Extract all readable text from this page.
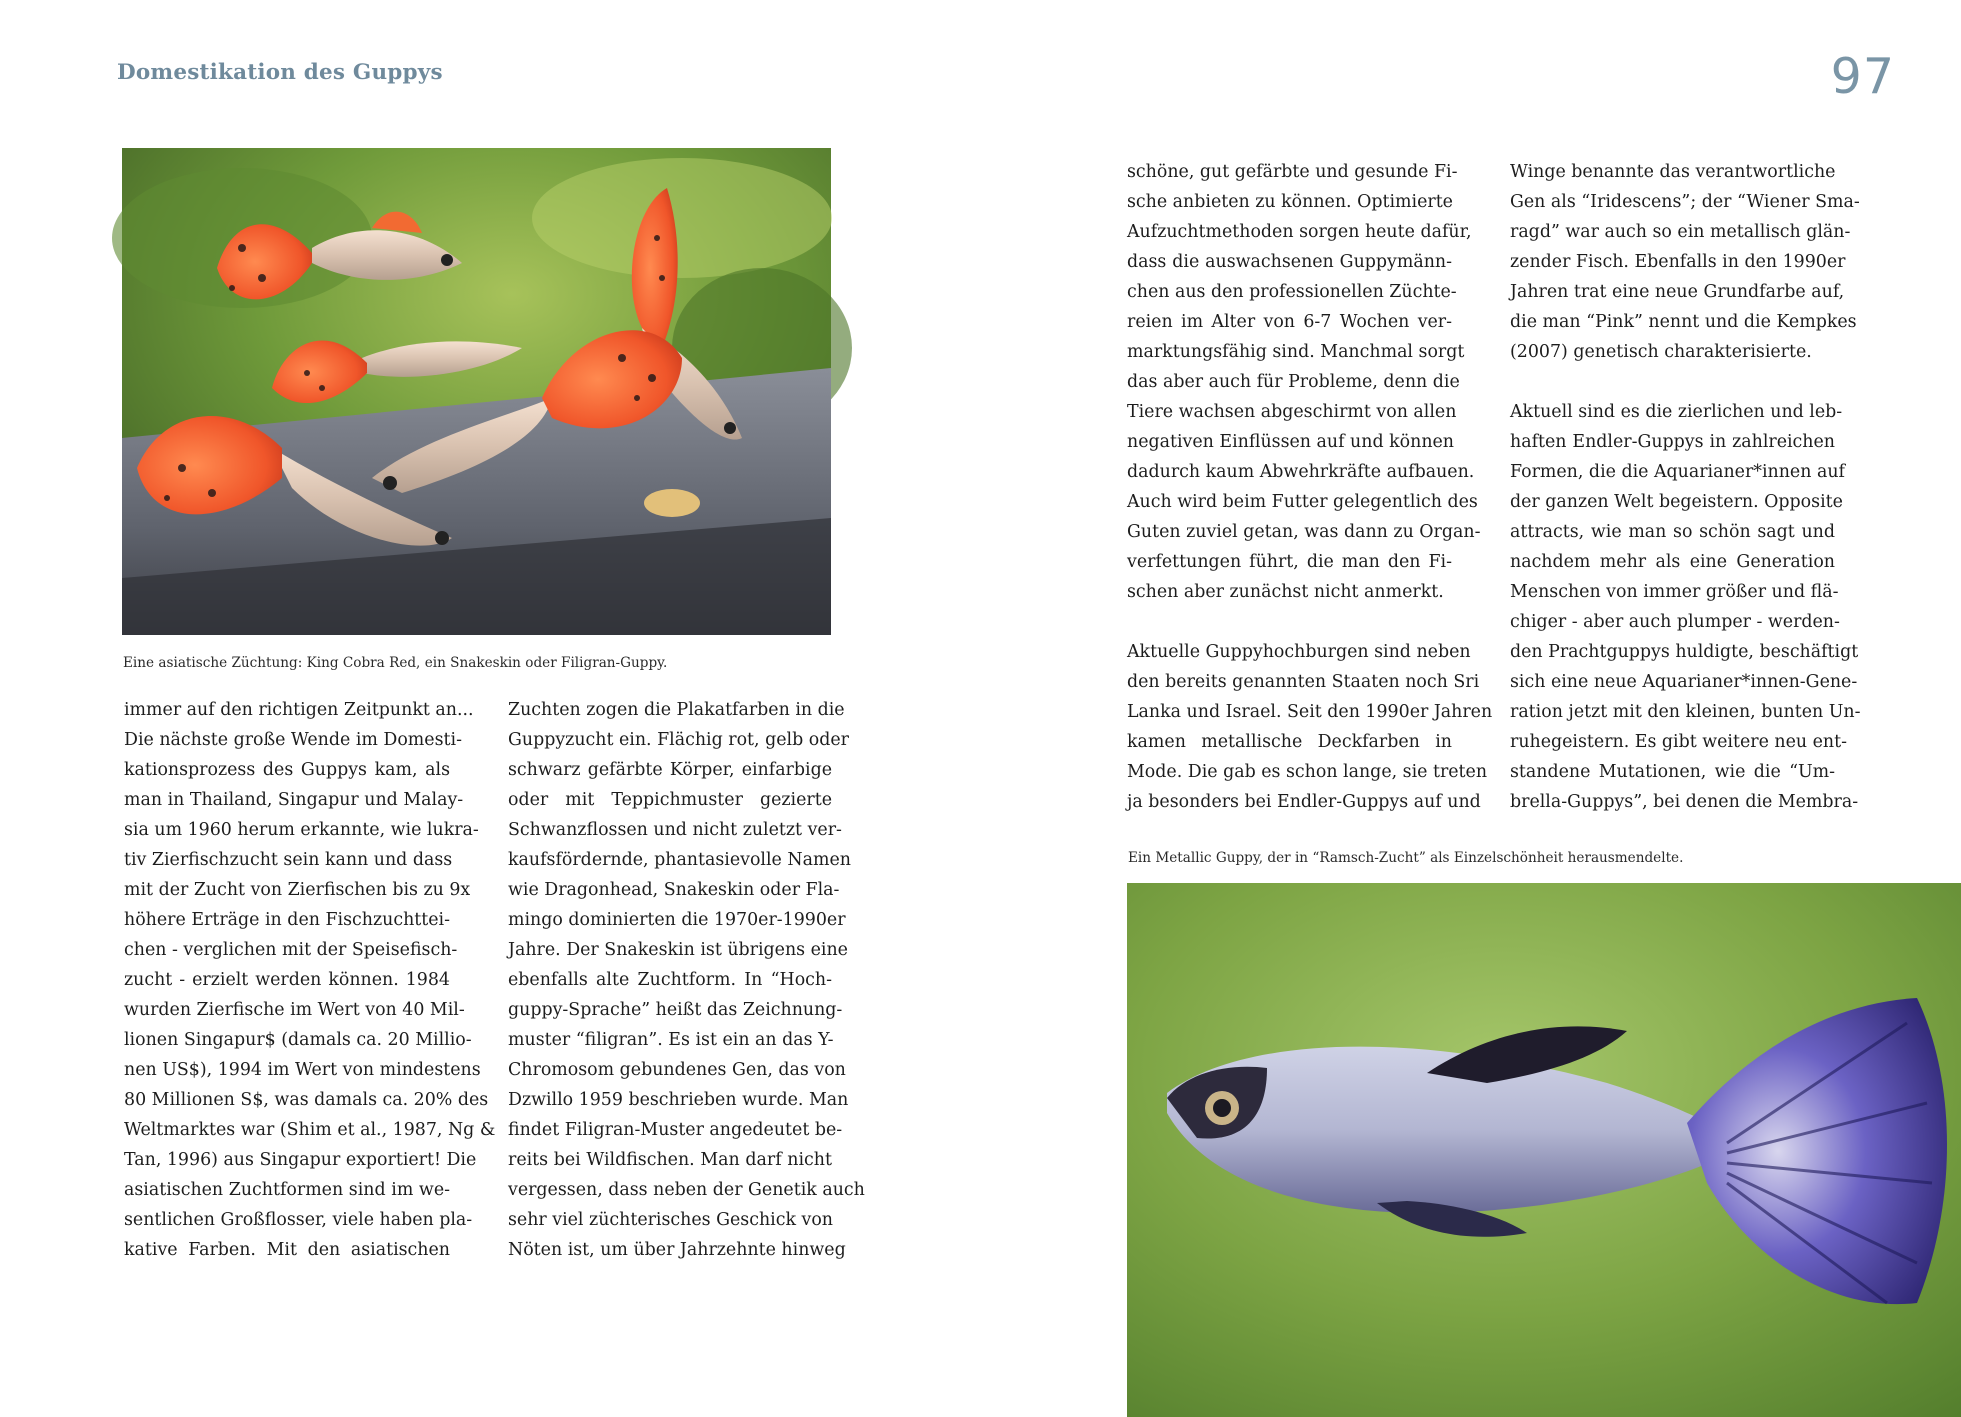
Domestikation des Guppys	97
Eine asiatische Züchtung: King Cobra Red, ein Snakeskin oder Filigran-Guppy.
immer auf den richtigen Zeitpunkt an...
Die nächste große Wende im Domesti-
kationsprozess des Guppys kam, als
man in Thailand, Singapur und Malay-
sia um 1960 herum erkannte, wie lukra-
tiv Zierfischzucht sein kann und dass
mit der Zucht von Zierfischen bis zu 9x
höhere Erträge in den Fischzuchttei-
chen - verglichen mit der Speisefisch-
zucht - erzielt werden können. 1984
wurden Zierfische im Wert von 40 Mil-
lionen Singapur$ (damals ca. 20 Millio-
nen US$), 1994 im Wert von mindestens
80 Millionen S$, was damals ca. 20% des
Weltmarktes war (Shim et al., 1987, Ng &
Tan, 1996) aus Singapur exportiert! Die
asiatischen Zuchtformen sind im we-
sentlichen Großflosser, viele haben pla-
kative Farben. Mit den asiatischen
Zuchten zogen die Plakatfarben in die
Guppyzucht ein. Flächig rot, gelb oder
schwarz gefärbte Körper, einfarbige
oder mit Teppichmuster gezierte
Schwanzflossen und nicht zuletzt ver-
kaufsfördernde, phantasievolle Namen
wie Dragonhead, Snakeskin oder Fla-
mingo dominierten die 1970er-1990er
Jahre. Der Snakeskin ist übrigens eine
ebenfalls alte Zuchtform. In “Hoch-
guppy-Sprache” heißt das Zeichnung-
muster “filigran”. Es ist ein an das Y-
Chromosom gebundenes Gen, das von
Dzwillo 1959 beschrieben wurde. Man
findet Filigran-Muster angedeutet be-
reits bei Wildfischen. Man darf nicht
vergessen, dass neben der Genetik auch
sehr viel züchterisches Geschick von
Nöten ist, um über Jahrzehnte hinweg
schöne, gut gefärbte und gesunde Fi-
sche anbieten zu können. Optimierte
Aufzuchtmethoden sorgen heute dafür,
dass die auswachsenen Guppymänn-
chen aus den professionellen Züchte-
reien im Alter von 6-7 Wochen ver-
marktungsfähig sind. Manchmal sorgt
das aber auch für Probleme, denn die
Tiere wachsen abgeschirmt von allen
negativen Einflüssen auf und können
dadurch kaum Abwehrkräfte aufbauen.
Auch wird beim Futter gelegentlich des
Guten zuviel getan, was dann zu Organ-
verfettungen führt, die man den Fi-
schen aber zunächst nicht anmerkt.
Aktuelle Guppyhochburgen sind neben
den bereits genannten Staaten noch Sri
Lanka und Israel. Seit den 1990er Jahren
kamen metallische Deckfarben in
Mode. Die gab es schon lange, sie treten
ja besonders bei Endler-Guppys auf und
Winge benannte das verantwortliche
Gen als “Iridescens”; der “Wiener Sma-
ragd” war auch so ein metallisch glän-
zender Fisch. Ebenfalls in den 1990er
Jahren trat eine neue Grundfarbe auf,
die man “Pink” nennt und die Kempkes
(2007) genetisch charakterisierte.
Aktuell sind es die zierlichen und leb-
haften Endler-Guppys in zahlreichen
Formen, die die Aquarianer*innen auf
der ganzen Welt begeistern. Opposite
attracts, wie man so schön sagt und
nachdem mehr als eine Generation
Menschen von immer größer und flä-
chiger - aber auch plumper - werden-
den Prachtguppys huldigte, beschäftigt
sich eine neue Aquarianer*innen-Gene-
ration jetzt mit den kleinen, bunten Un-
ruhegeistern. Es gibt weitere neu ent-
standene Mutationen, wie die “Um-
brella-Guppys”, bei denen die Membra-
Ein Metallic Guppy, der in “Ramsch-Zucht” als Einzelschönheit herausmendelte.
